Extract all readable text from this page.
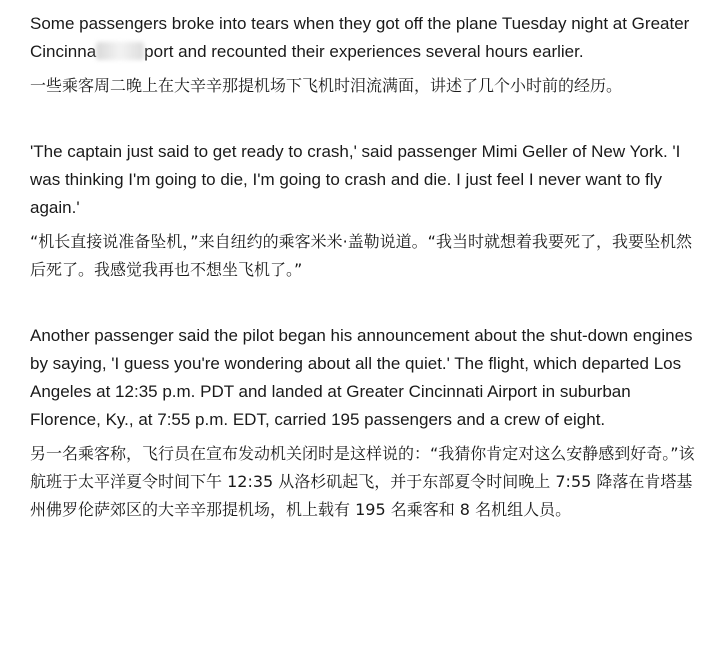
Some passengers broke into tears when they got off the plane Tuesday night at Greater Cincinna	port and recounted their experiences several hours earlier.

一些乘客周二晚上在大辛辛那提机场下飞机时泪流满面，讲述了几个小时前的经历。

'The captain just said to get ready to crash,' said passenger Mimi Geller of New York. 'I was thinking I'm going to die, I'm going to crash and die. I just feel I never want to fly again.'

“机长直接说准备坠机，”来自纽约的乘客米米·盖勒说道。“我当时就想着我要死了，我要坠机然后死了。我感觉我再也不想坐飞机了。”

Another passenger said the pilot began his announcement about the shut-down engines by saying, 'I guess you're wondering about all the quiet.' The flight, which departed Los Angeles at 12:35 p.m. PDT and landed at Greater Cincinnati Airport in suburban Florence, Ky., at 7:55 p.m. EDT, carried 195 passengers and a crew of eight.

另一名乘客称，飞行员在宣布发动机关闭时是这样说的：“我猜你肯定对这么安静感到好奇。”该航班于太平洋夏令时间下午 12:35 从洛杉矶起飞，并于东部夏令时间晚上 7:55 降落在肯塔基州佛罗伦萨郊区的大辛辛那提机场，机上载有 195 名乘客和 8 名机组人员。
